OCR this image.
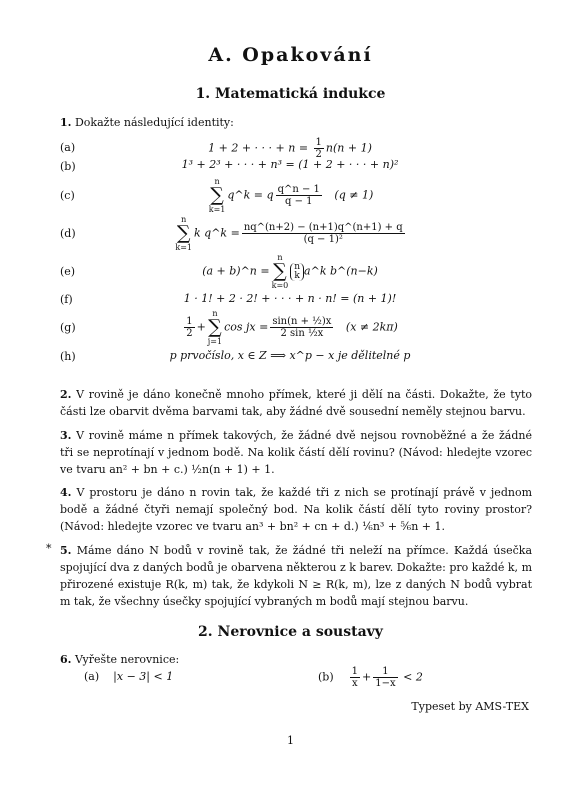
A. Opakování
1. Matematická indukce
1. Dokažte následující identity:
(a)
(b)
(c)
(d)
(e)
(f)
(g)
(h)
1 + 2 + · · · + $n = \frac{1}{2} n(n + 1)$
1³ + 2³ + · · · + n³ = (1 + 2 + · · · + n)²
n
∑
k=1q^k = q $\frac{q\^{}n - 1}{q - 1} (q \ne 1)$
n
∑
k=1k q^k = $\frac{nq\^{}(n+2) - (n+1)q\^{}(n+1) + q}{\text{(q − 1)²}}$
(a + b)^n =n
∑
k=0
n
k a^k b^(n−k)
1 · 1! + 2 · 2! + · · · + n · n! = (n + 1)!
$\frac{1}{2} +n$
∑
j=1cos jx = $\frac{\text{sin(n + ½)x}}{\text{2 sin ½x}} (x \ne 2k\pi)$
p prvočíslo, x ∈ Z ⟹ x^p − x je dělitelné p
2. V rovině je dáno konečně mnoho přímek, které ji dělí na části. Dokažte, že tyto části lze obarvit dvěma barvami tak, aby žádné dvě sousední neměly stejnou barvu.
3. V rovině máme n přímek takových, že žádné dvě nejsou rovnoběžné a že žádné tři se neprotínají v jednom bodě. Na kolik částí dělí rovinu? (Návod: hledejte vzorec ve tvaru an² + bn + c.) ½n(n + 1) + 1.
4. V prostoru je dáno n rovin tak, že každé tři z nich se protínají právě v jednom bodě a žádné čtyři nemají společný bod. Na kolik částí dělí tyto roviny prostor? (Návod: hledejte vzorec ve tvaru an³ + bn² + cn + d.) ⅙n³ + ⅚n + 1.
* 5. Máme dáno N bodů v rovině tak, že žádné tři neleží na přímce. Každá úsečka spojující dva z daných bodů je obarvena některou z k barev. Dokažte: pro každé k, m přirozené existuje R(k, m) tak, že kdykoli N ≥ R(k, m), lze z daných N bodů vybrat m tak, že všechny úsečky spojující vybraných m bodů mají stejnou barvu.
2. Nerovnice a soustavy
6. Vyřešte nerovnice:
(a) |x − 3| < 1	$(b) \frac{1}{x} + \frac{1}{1-x} < 2$
Typeset by AMS-TEX
1
